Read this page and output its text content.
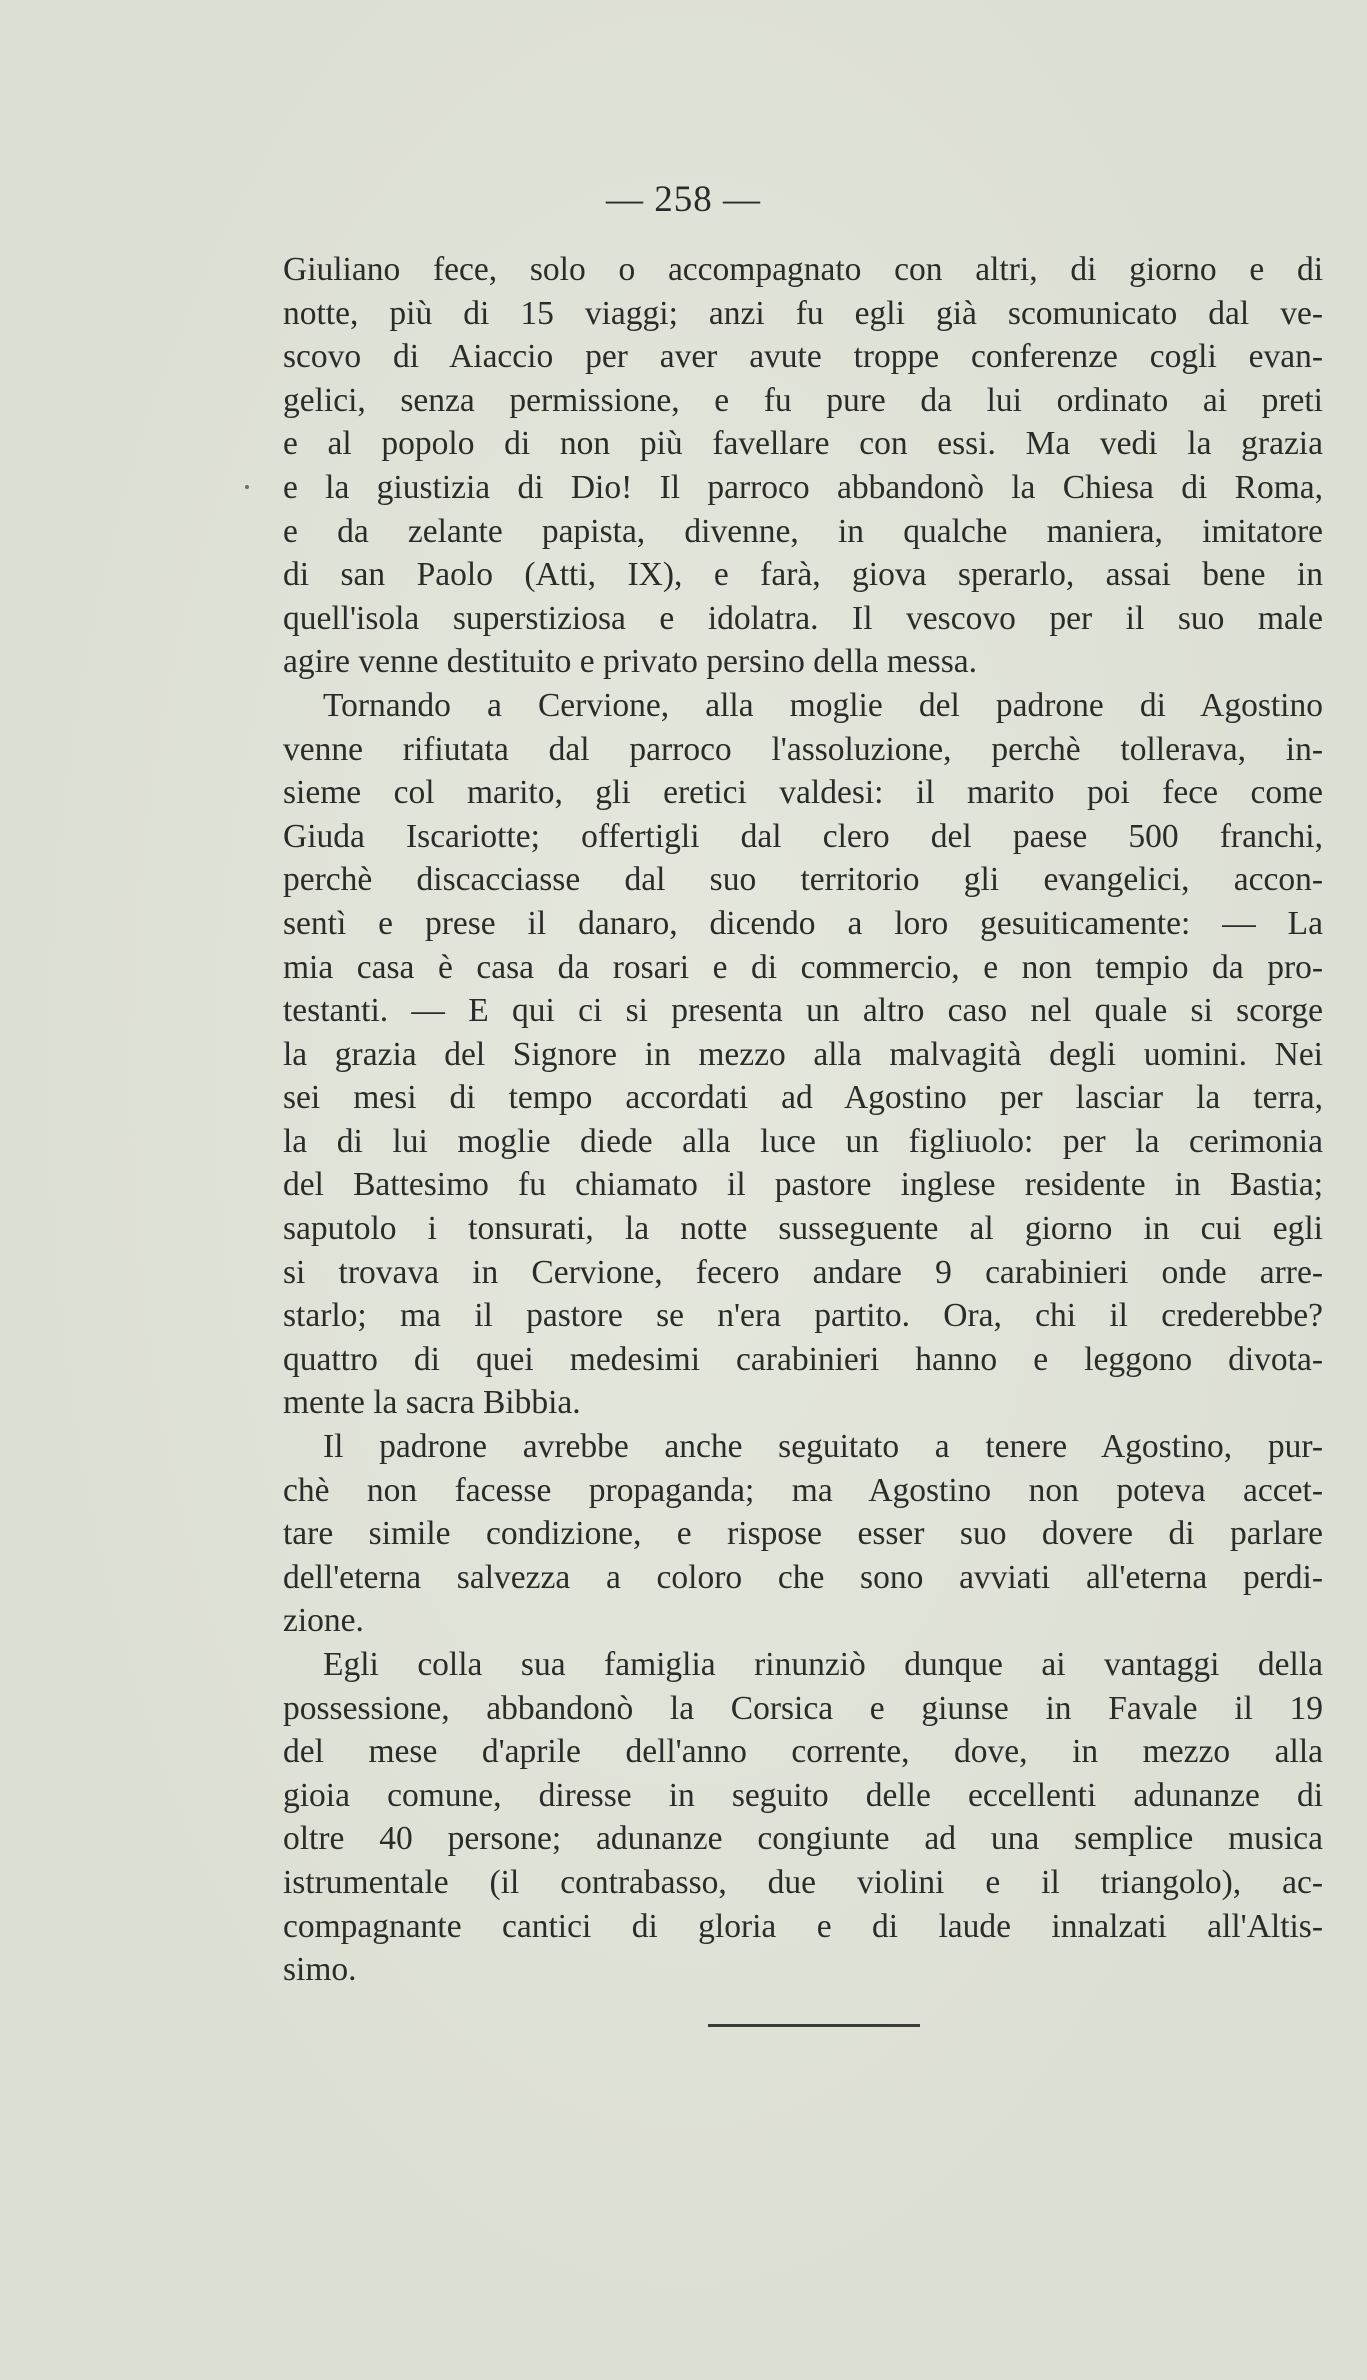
— 258 —
Giuliano fece, solo o accompagnato con altri, di giorno e di
notte, più di 15 viaggi; anzi fu egli già scomunicato dal ve-
scovo di Aiaccio per aver avute troppe conferenze cogli evan-
gelici, senza permissione, e fu pure da lui ordinato ai preti
e al popolo di non più favellare con essi. Ma vedi la grazia
e la giustizia di Dio! Il parroco abbandonò la Chiesa di Roma,
e da zelante papista, divenne, in qualche maniera, imitatore
di san Paolo (Atti, IX), e farà, giova sperarlo, assai bene in
quell'isola superstiziosa e idolatra. Il vescovo per il suo male
agire venne destituito e privato persino della messa.
Tornando a Cervione, alla moglie del padrone di Agostino
venne rifiutata dal parroco l'assoluzione, perchè tollerava, in-
sieme col marito, gli eretici valdesi: il marito poi fece come
Giuda Iscariotte; offertigli dal clero del paese 500 franchi,
perchè discacciasse dal suo territorio gli evangelici, accon-
sentì e prese il danaro, dicendo a loro gesuiticamente: — La
mia casa è casa da rosari e di commercio, e non tempio da pro-
testanti. — E qui ci si presenta un altro caso nel quale si scorge
la grazia del Signore in mezzo alla malvagità degli uomini. Nei
sei mesi di tempo accordati ad Agostino per lasciar la terra,
la di lui moglie diede alla luce un figliuolo: per la cerimonia
del Battesimo fu chiamato il pastore inglese residente in Bastia;
saputolo i tonsurati, la notte susseguente al giorno in cui egli
si trovava in Cervione, fecero andare 9 carabinieri onde arre-
starlo; ma il pastore se n'era partito. Ora, chi il crederebbe?
quattro di quei medesimi carabinieri hanno e leggono divota-
mente la sacra Bibbia.
Il padrone avrebbe anche seguitato a tenere Agostino, pur-
chè non facesse propaganda; ma Agostino non poteva accet-
tare simile condizione, e rispose esser suo dovere di parlare
dell'eterna salvezza a coloro che sono avviati all'eterna perdi-
zione.
Egli colla sua famiglia rinunziò dunque ai vantaggi della
possessione, abbandonò la Corsica e giunse in Favale il 19
del mese d'aprile dell'anno corrente, dove, in mezzo alla
gioia comune, diresse in seguito delle eccellenti adunanze di
oltre 40 persone; adunanze congiunte ad una semplice musica
istrumentale (il contrabasso, due violini e il triangolo), ac-
compagnante cantici di gloria e di laude innalzati all'Altis-
simo.
